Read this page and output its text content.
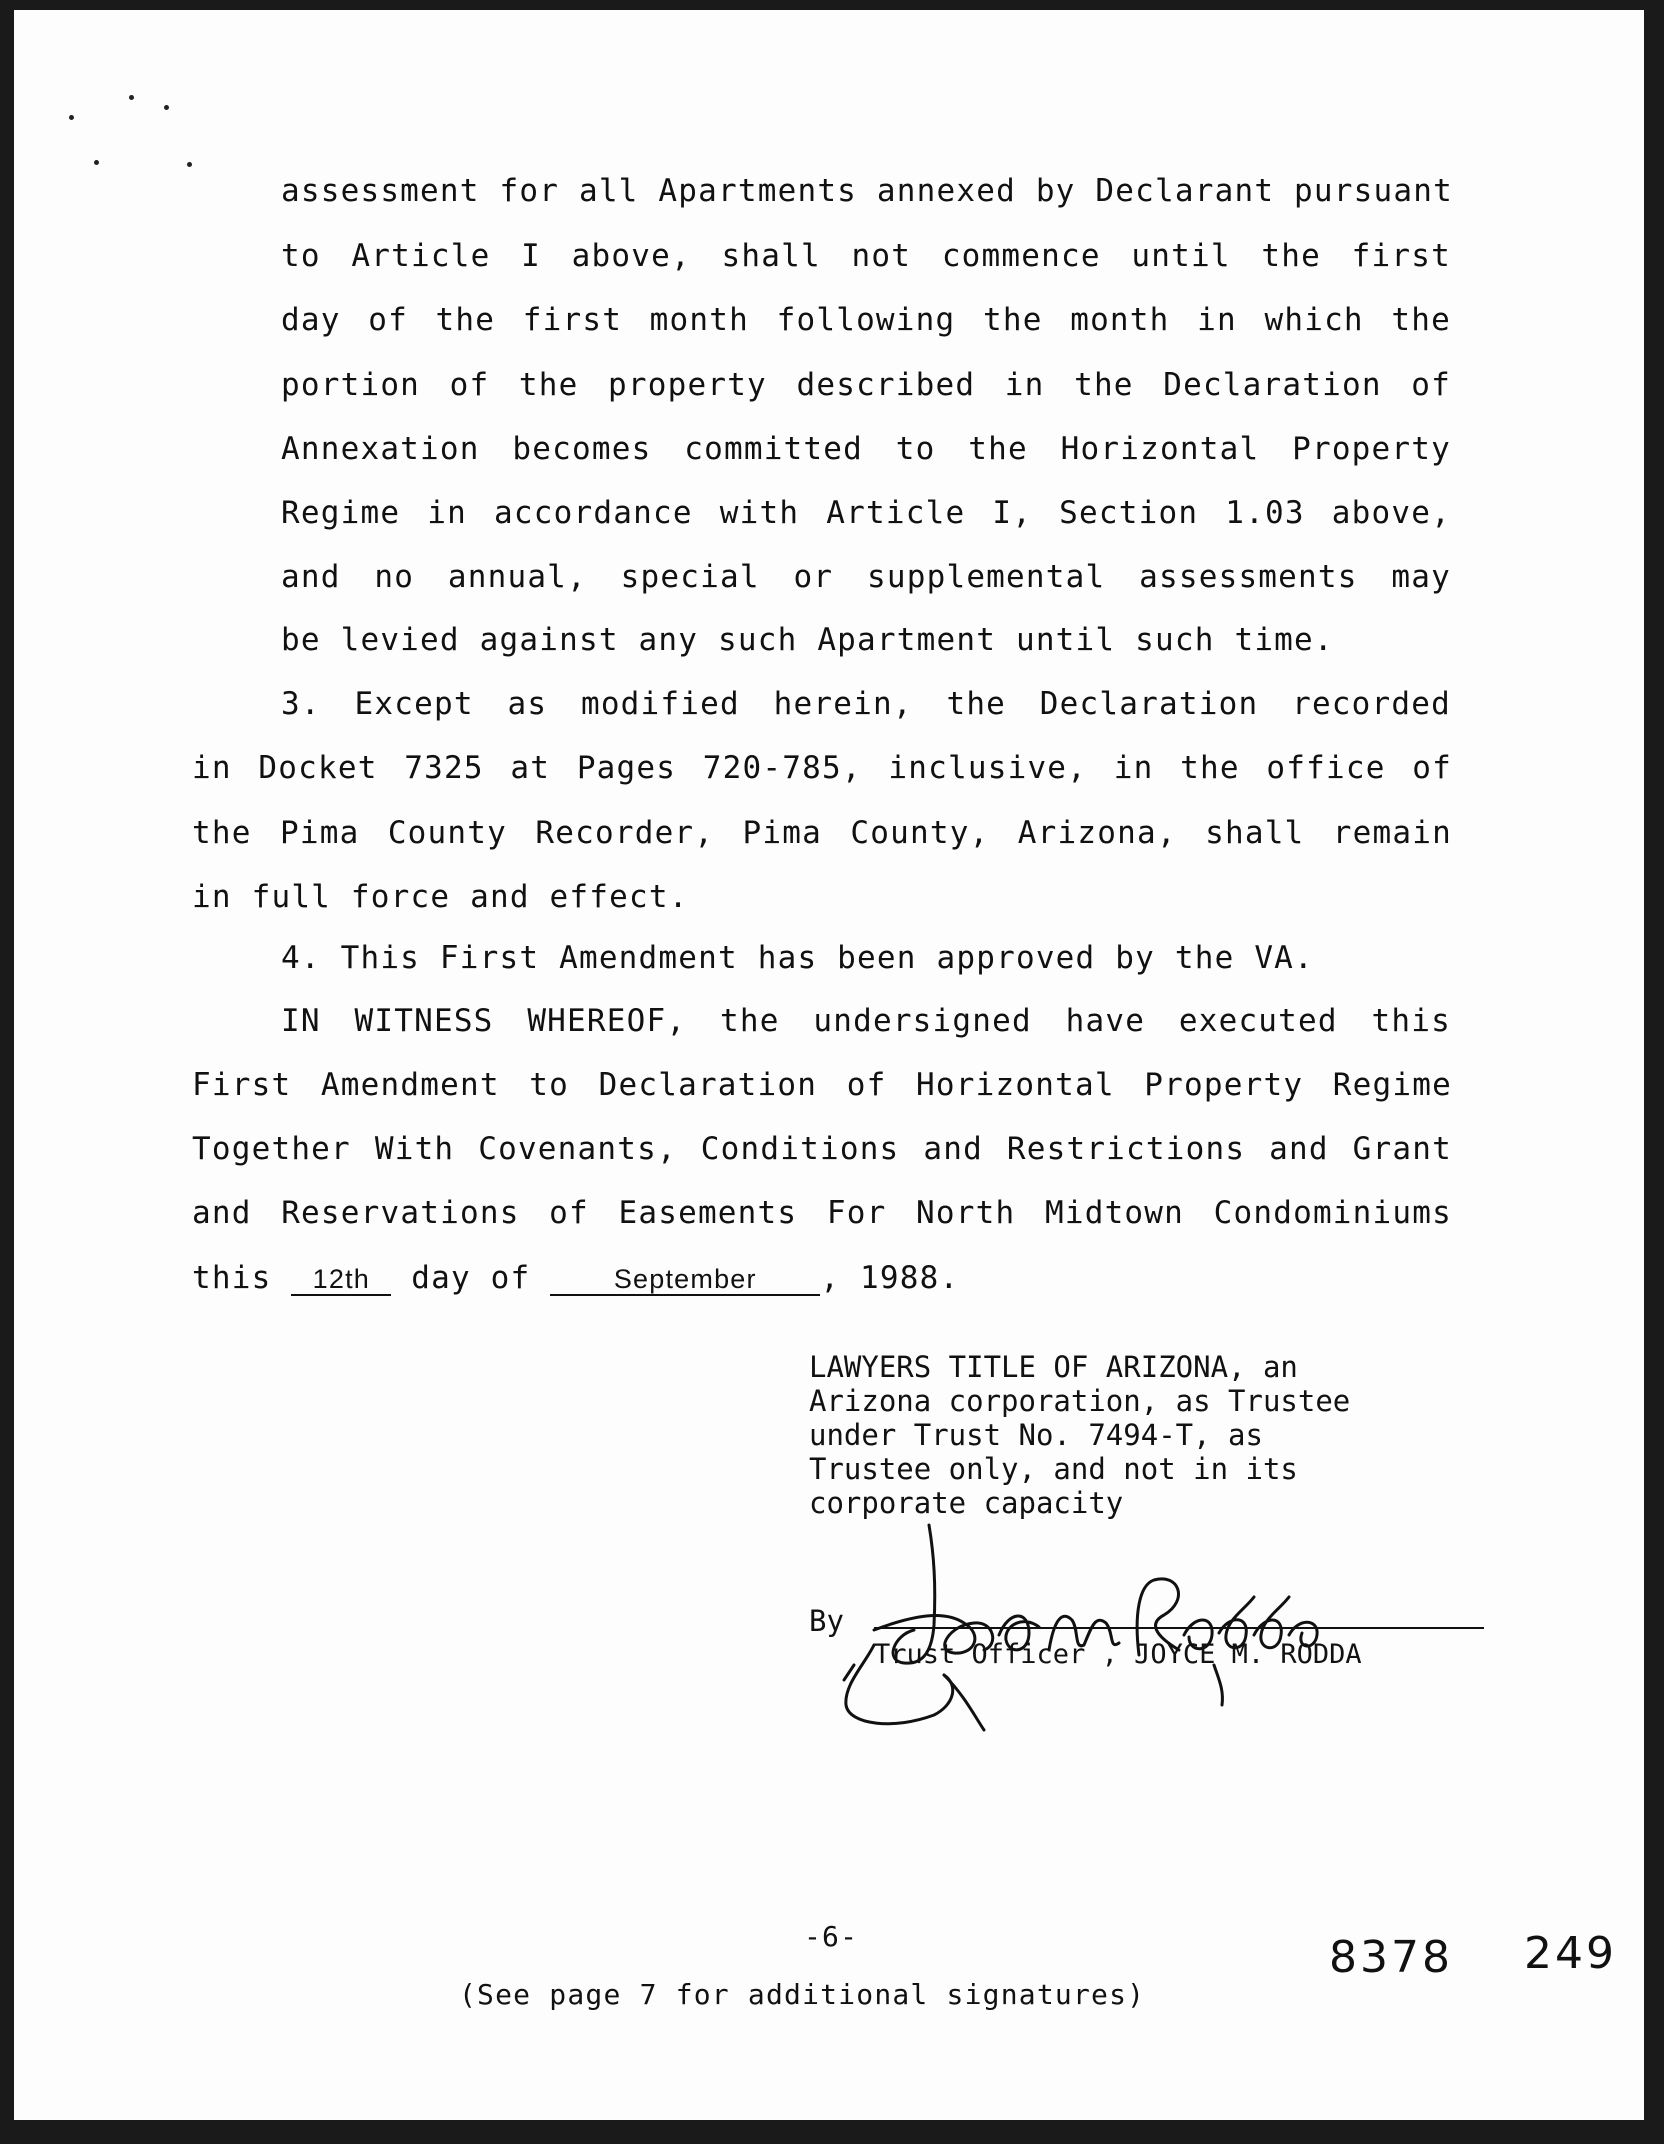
assessment for all Apartments annexed by Declarant pursuant
to Article I above, shall not commence until the first
day of the first month following the month in which the
portion of the property described in the Declaration of
Annexation becomes committed to the Horizontal Property
Regime in accordance with Article I, Section 1.03 above,
and no annual, special or supplemental assessments may
be levied against any such Apartment until such time.
3. Except as modified herein, the Declaration recorded
in Docket 7325 at Pages 720-785, inclusive, in the office of
the Pima County Recorder, Pima County, Arizona, shall remain
in full force and effect.
4. This First Amendment has been approved by the VA.
IN WITNESS WHEREOF, the undersigned have executed this
First Amendment to Declaration of Horizontal Property Regime
Together With Covenants, Conditions and Restrictions and Grant
and Reservations of Easements For North Midtown Condominiums
this 12th day of	September , 1988.
LAWYERS TITLE OF ARIZONA, an
Arizona corporation, as Trustee
under Trust No. 7494-T, as
Trustee only, and not in its
corporate capacity
By
Trust Officer , JOYCE M. RODDA
-6-
(See page 7 for additional signatures)
8378 249
